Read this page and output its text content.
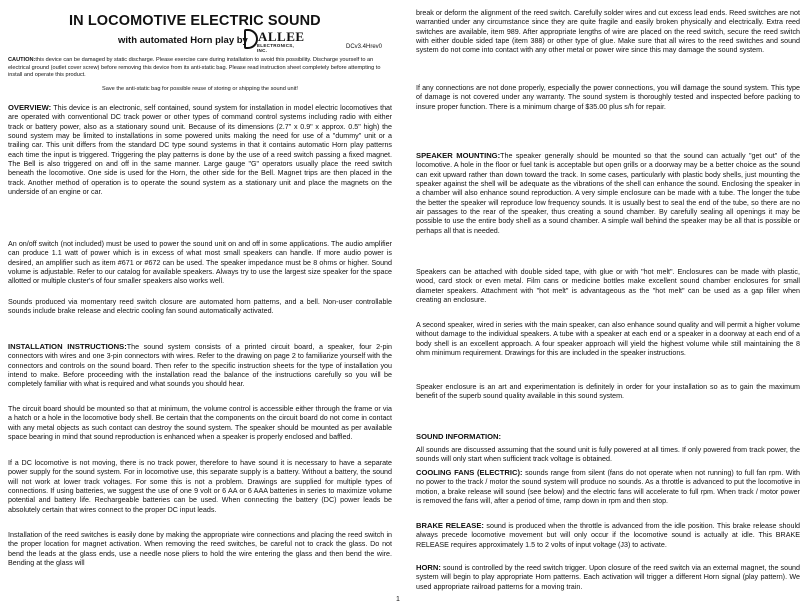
IN LOCOMOTIVE ELECTRIC SOUND
with automated Horn play by ALLEE
ELECTRONICS, INC.
DCv3.4Hrev0
CAUTION:this device can be damaged by static discharge. Please exercise care during installation to avoid this possibility. Discharge yourself to an electrical ground (outlet cover screw) before removing this device from its anti-static bag. Please read instruction sheet completely before attempting to install and operate this product.
Save the anti-static bag for possible reuse of storing or shipping the sound unit!

OVERVIEW: This device is an electronic, self contained, sound system for installation in model electric locomotives that are operated with conventional DC track power or other types of command control systems including radio with either track or battery power, also as a stationary sound unit. Because of its dimensions (2.7" x 0.9" x approx. 0.5" high) the sound system may be limited to installations in some powered units making the need for use of a "dummy" unit or a trailing car. This unit differs from the standard DC type sound systems in that it contains automatic Horn play patterns each time the input is triggered. Triggering the play patterns is done by the use of a reed switch passing a fixed magnet. The Bell is also triggered on and off in the same manner. Large gauge "G" operators usually place the reed switch beneath the locomotive. One side is used for the Horn, the other side for the Bell. Magnet trips are then placed in the track. Another method of operation is to operate the sound system as a stationary unit and place the magnets on the underside of an engine or car.

An on/off switch (not included) must be used to power the sound unit on and off in some applications. The audio amplifier can produce 1.1 watt of power which is in excess of what most small speakers can handle. If more audio power is desired, an amplifier such as item #671 or #672 can be used. The speaker impedance must be 8 ohms or higher. Sound volume is adjustable. Refer to our catalog for available speakers. Always try to use the largest size speaker for the space allotted or multiple cluster's of four smaller speakers also works well.

Sounds produced via momentary reed switch closure are automated horn patterns, and a bell. Non-user controllable sounds include brake release and electric cooling fan sound automatically activated.

INSTALLATION INSTRUCTIONS:The sound system consists of a printed circuit board, a speaker, four 2-pin connectors with wires and one 3-pin connectors with wires. Refer to the drawing on page 2 to familiarize yourself with the connectors and controls on the sound board. Then refer to the specific instruction sheets for the type of installation you intend to make. Before proceeding with the installation read the balance of the instructions carefully so you will be completely familiar with what is required and what sounds you should hear.

The circuit board should be mounted so that at minimum, the volume control is accessible either through the frame or via a hatch or a hole in the locomotive body shell. Be certain that the components on the circuit board do not come in contact with any metal objects as such contact can destroy the sound system. The speaker should be mounted as per available space bearing in mind that sound reproduction is enhanced when a speaker is properly enclosed and baffled.

If a DC locomotive is not moving, there is no track power, therefore to have sound it is necessary to have a separate power supply for the sound system. For in locomotive use, this separate supply is a battery. Without a battery, the sound will not work at lower track voltages. For some this is not a problem. Drawings are supplied for multiple types of connections. If using batteries, we suggest the use of one 9 volt or 6 AA or 6 AAA batteries in series to maximize volume potential and battery life. Rechargeable batteries can be used. When connecting the battery (DC) power leads be absolutely certain that wires connect to the proper DC input leads.

Installation of the reed switches is easily done by making the appropriate wire connections and placing the reed switch in the proper location for magnet activation. When removing the reed switches, be careful not to crack the glass. Do not bend the leads at the glass ends, use a needle nose pliers to hold the wire entering the glass and then bend the wire. Bending at the glass will

break or deform the alignment of the reed switch. Carefully solder wires and cut excess lead ends. Reed switches are not warrantied under any circumstance since they are quite fragile and easily broken physically and electrically. Extra reed switches are available, item 989. After appropriate lengths of wire are placed on the reed switch, secure the reed switch with either double sided tape (item 388) or other type of glue. Make sure that all wires to the reed switches and sound system do not come into contact with any other metal or power wire since this may damage the sound system.

If any connections are not done properly, especially the power connections, you will damage the sound system. This type of damage is not covered under any warranty. The sound system is thoroughly tested and inspected before packing to insure proper function. There is a minimum charge of $35.00 plus s/h for repair.

SPEAKER MOUNTING:The speaker generally should be mounted so that the sound can actually "get out" of the locomotive. A hole in the floor or fuel tank is acceptable but open grills or a doorway may be a better choice as the sound can exit upward rather than down toward the track. In some cases, particularly with plastic body shells, just mounting the speaker against the shell will be adequate as the vibrations of the shell can enhance the sound. Enclosing the speaker in a chamber will also enhance sound reproduction. A very simple enclosure can be made with a tube. The longer the tube the better the speaker will reproduce low frequency sounds. It is usually best to seal the end of the tube, so there are no air passages to the rear of the speaker, thus creating a sound chamber. By carefully sealing all openings it may be possible to use the entire body shell as a sound chamber. A simple wall behind the speaker may be all that is possible or perhaps all that is needed.

Speakers can be attached with double sided tape, with glue or with "hot melt". Enclosures can be made with plastic, wood, card stock or even metal. Film cans or medicine bottles make excellent sound chamber enclosures for small diameter speakers. Attachment with "hot melt" is advantageous as the "hot melt" can be used as a gap filler when creating an enclosure.

A second speaker, wired in series with the main speaker, can also enhance sound quality and will permit a higher volume without damage to the individual speakers. A tube with a speaker at each end or a speaker in a doorway at each end of a body shell is an excellent approach. A four speaker approach will yield the highest volume while still maintaining the 8 ohm minimum requirement. Drawings for this are included in the speaker instructions.

Speaker enclosure is an art and experimentation is definitely in order for your installation so as to gain the maximum benefit of the superb sound quality available in this sound system.

SOUND INFORMATION:

All sounds are discussed assuming that the sound unit is fully powered at all times. If only powered from track power, the sounds will only start when sufficient track voltage is obtained.

COOLING FANS (ELECTRIC): sounds range from silent (fans do not operate when not running) to full fan rpm. With no power to the track / motor the sound system will produce no sounds. As a throttle is advanced to put the locomotive in motion, a brake release will sound (see below) and the electric fans will accelerate to full rpm. When track / motor power is removed the fans will, after a period of time, ramp down in rpm and then stop.

BRAKE RELEASE: sound is produced when the throttle is advanced from the idle position. This brake release should always precede locomotive movement but will only occur if the locomotive sound is actually at idle. This BRAKE RELEASE requires approximately 1.5 to 2 volts of input voltage (J3) to activate.

HORN: sound is controlled by the reed switch trigger. Upon closure of the reed switch via an external magnet, the sound system will begin to play appropriate Horn patterns. Each activation will trigger a different Horn signal (play pattern). We used appropriate railroad patterns for a moving train.

1
